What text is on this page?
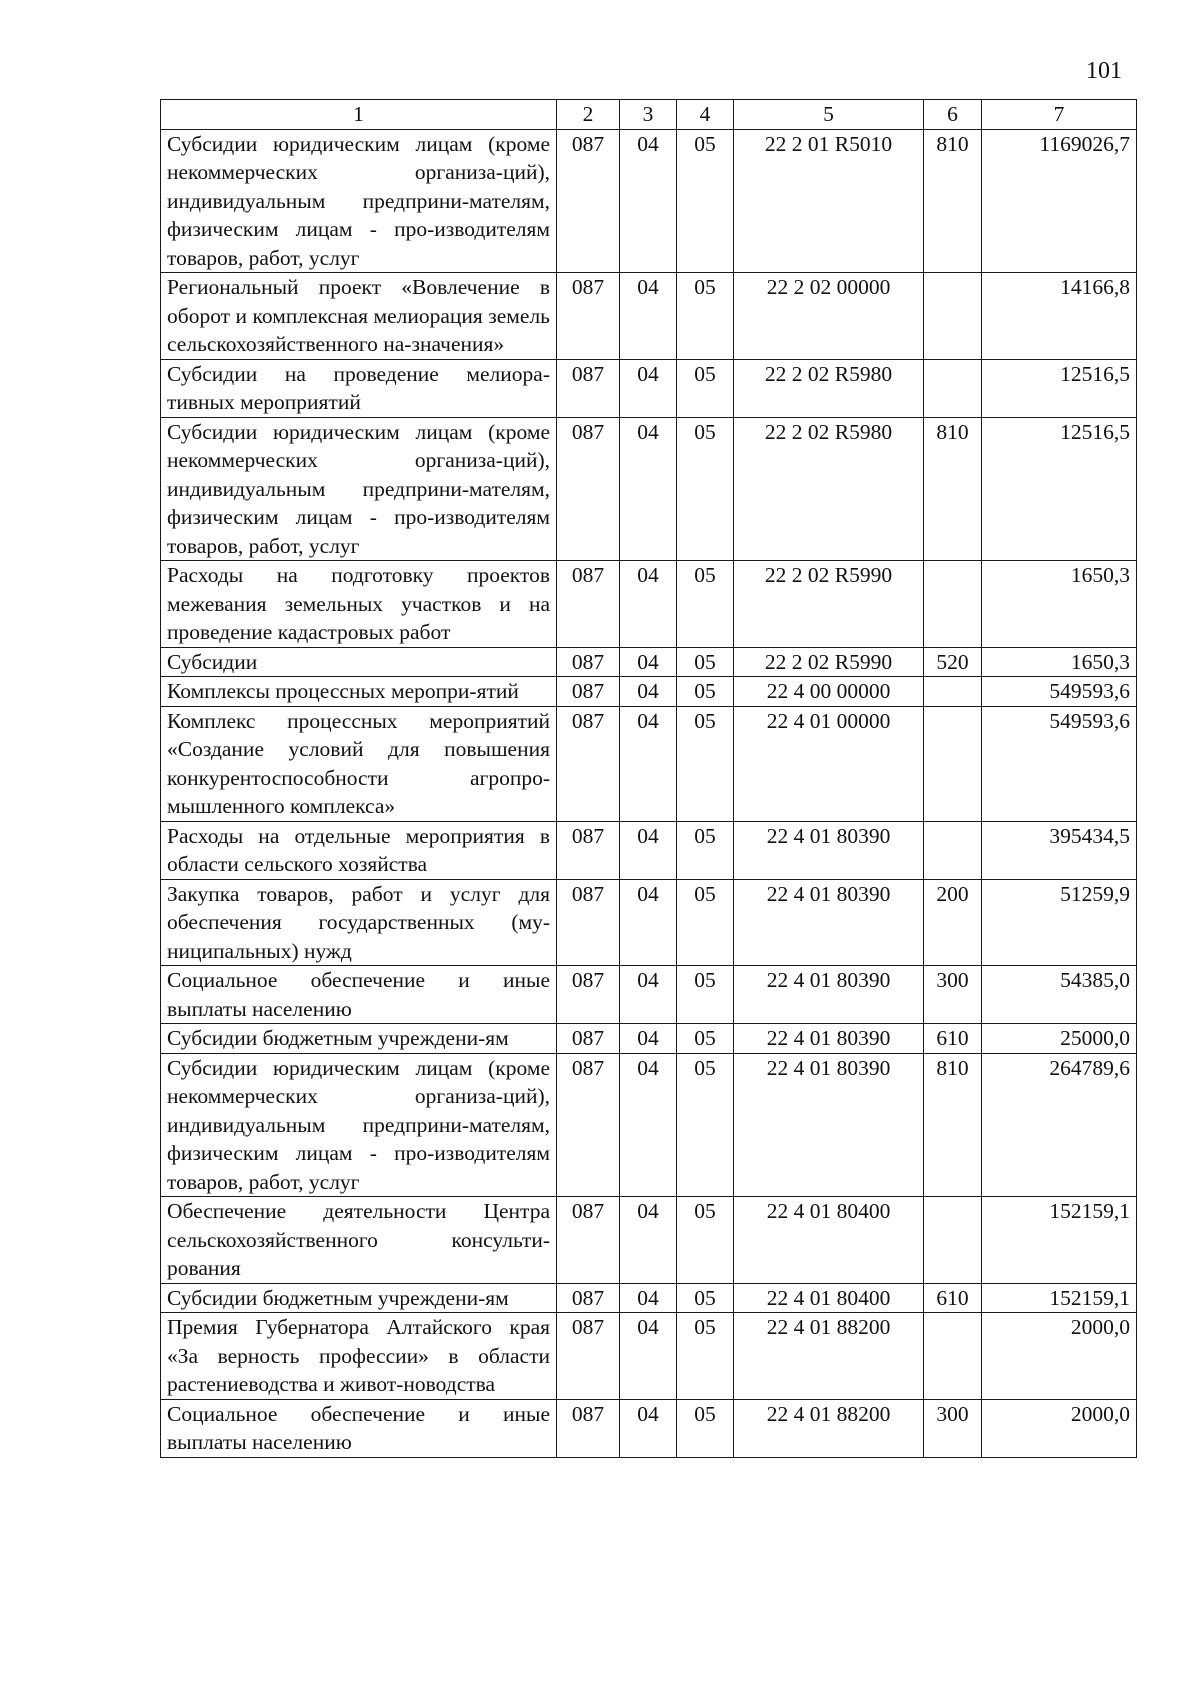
101
1	2	3	4	5	6	7
Субсидии юридическим лицам (кроме некоммерческих организа-ций), индивидуальным предприни-мателям, физическим лицам - про-изводителям товаров, работ, услуг	087	04	05	22 2 01 R5010	810	1169026,7
Региональный проект «Вовлечение в оборот и комплексная мелиорация земель сельскохозяйственного на-значения»	087	04	05	22 2 02 00000		14166,8
Субсидии на проведение мелиора-тивных мероприятий	087	04	05	22 2 02 R5980		12516,5
Субсидии юридическим лицам (кроме некоммерческих организа-ций), индивидуальным предприни-мателям, физическим лицам - про-изводителям товаров, работ, услуг	087	04	05	22 2 02 R5980	810	12516,5
Расходы на подготовку проектов межевания земельных участков и на проведение кадастровых работ	087	04	05	22 2 02 R5990		1650,3
Субсидии	087	04	05	22 2 02 R5990	520	1650,3
Комплексы процессных меропри-ятий	087	04	05	22 4 00 00000		549593,6
Комплекс процессных мероприятий «Создание условий для повышения конкурентоспособности агропро-мышленного комплекса»	087	04	05	22 4 01 00000		549593,6
Расходы на отдельные мероприятия в области сельского хозяйства	087	04	05	22 4 01 80390		395434,5
Закупка товаров, работ и услуг для обеспечения государственных (му-ниципальных) нужд	087	04	05	22 4 01 80390	200	51259,9
Социальное обеспечение и иные выплаты населению	087	04	05	22 4 01 80390	300	54385,0
Субсидии бюджетным учреждени-ям	087	04	05	22 4 01 80390	610	25000,0
Субсидии юридическим лицам (кроме некоммерческих организа-ций), индивидуальным предприни-мателям, физическим лицам - про-изводителям товаров, работ, услуг	087	04	05	22 4 01 80390	810	264789,6
Обеспечение деятельности Центра сельскохозяйственного консульти-рования	087	04	05	22 4 01 80400		152159,1
Субсидии бюджетным учреждени-ям	087	04	05	22 4 01 80400	610	152159,1
Премия Губернатора Алтайского края «За верность профессии» в области растениеводства и живот-новодства	087	04	05	22 4 01 88200		2000,0
Социальное обеспечение и иные выплаты населению	087	04	05	22 4 01 88200	300	2000,0
